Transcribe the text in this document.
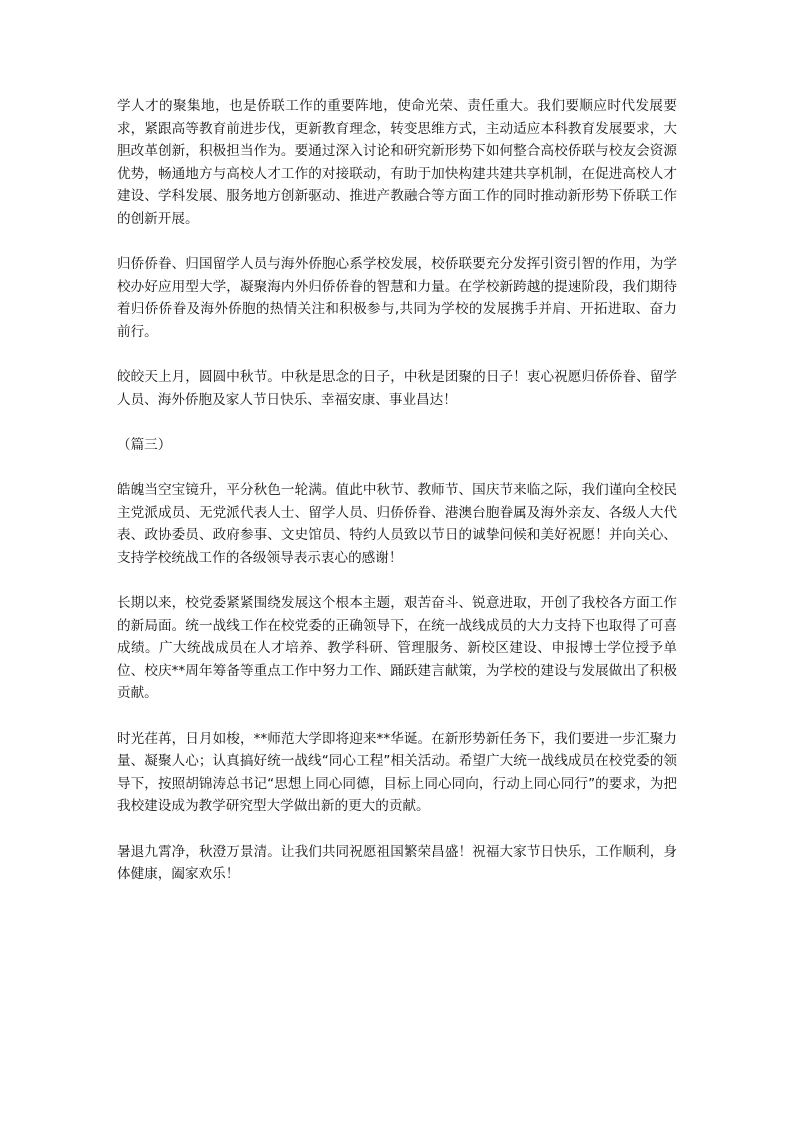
学人才的聚集地，也是侨联工作的重要阵地，使命光荣、责任重大。我们要顺应时代发展要求，紧跟高等教育前进步伐，更新教育理念，转变思维方式，主动适应本科教育发展要求，大胆改革创新，积极担当作为。要通过深入讨论和研究新形势下如何整合高校侨联与校友会资源优势，畅通地方与高校人才工作的对接联动，有助于加快构建共建共享机制，在促进高校人才建设、学科发展、服务地方创新驱动、推进产教融合等方面工作的同时推动新形势下侨联工作的创新开展。

归侨侨眷、归国留学人员与海外侨胞心系学校发展，校侨联要充分发挥引资引智的作用，为学校办好应用型大学，凝聚海内外归侨侨眷的智慧和力量。在学校新跨越的提速阶段，我们期待着归侨侨眷及海外侨胞的热情关注和积极参与,共同为学校的发展携手并肩、开拓进取、奋力前行。

皎皎天上月，圆圆中秋节。中秋是思念的日子，中秋是团聚的日子！衷心祝愿归侨侨眷、留学人员、海外侨胞及家人节日快乐、幸福安康、事业昌达！

（篇三）

皓魄当空宝镜升，平分秋色一轮满。值此中秋节、教师节、国庆节来临之际，我们谨向全校民主党派成员、无党派代表人士、留学人员、归侨侨眷、港澳台胞眷属及海外亲友、各级人大代表、政协委员、政府参事、文史馆员、特约人员致以节日的诚挚问候和美好祝愿！并向关心、支持学校统战工作的各级领导表示衷心的感谢！

长期以来，校党委紧紧围绕发展这个根本主题，艰苦奋斗、锐意进取，开创了我校各方面工作的新局面。统一战线工作在校党委的正确领导下，在统一战线成员的大力支持下也取得了可喜成绩。广大统战成员在人才培养、教学科研、管理服务、新校区建设、申报博士学位授予单位、校庆**周年筹备等重点工作中努力工作、踊跃建言献策，为学校的建设与发展做出了积极贡献。

时光荏苒，日月如梭，**师范大学即将迎来**华诞。在新形势新任务下，我们要进一步汇聚力量、凝聚人心；认真搞好统一战线“同心工程”相关活动。希望广大统一战线成员在校党委的领导下，按照胡锦涛总书记“思想上同心同德，目标上同心同向，行动上同心同行”的要求，为把我校建设成为教学研究型大学做出新的更大的贡献。

暑退九霄净，秋澄万景清。让我们共同祝愿祖国繁荣昌盛！祝福大家节日快乐，工作顺利，身体健康，阖家欢乐！
